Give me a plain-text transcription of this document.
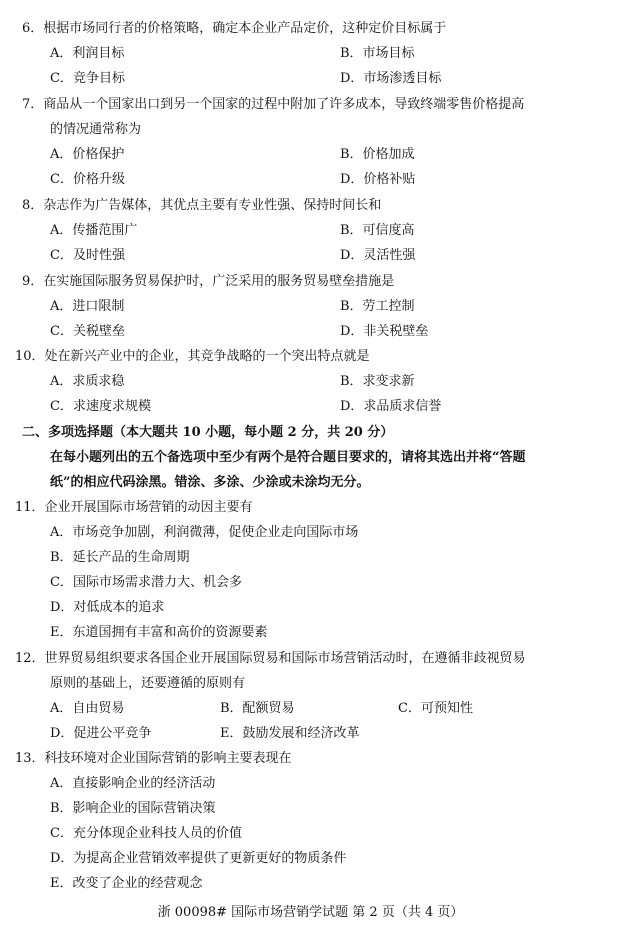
6．根据市场同行者的价格策略，确定本企业产品定价，这种定价目标属于
A．利润目标	B．市场目标
C．竞争目标	D．市场渗透目标
7．商品从一个国家出口到另一个国家的过程中附加了许多成本，导致终端零售价格提高
的情况通常称为
A．价格保护	B．价格加成
C．价格升级	D．价格补贴
8．杂志作为广告媒体，其优点主要有专业性强、保持时间长和
A．传播范围广	B．可信度高
C．及时性强	D．灵活性强
9．在实施国际服务贸易保护时，广泛采用的服务贸易壁垒措施是
A．进口限制	B．劳工控制
C．关税壁垒	D．非关税壁垒
10．处在新兴产业中的企业，其竞争战略的一个突出特点就是
A．求质求稳	B．求变求新
C．求速度求规模	D．求品质求信誉
二、多项选择题（本大题共 10 小题，每小题 2 分，共 20 分）
在每小题列出的五个备选项中至少有两个是符合题目要求的，请将其选出并将“答题
纸”的相应代码涂黑。错涂、多涂、少涂或未涂均无分。
11．企业开展国际市场营销的动因主要有
A．市场竞争加剧，利润微薄，促使企业走向国际市场
B．延长产品的生命周期
C．国际市场需求潜力大、机会多
D．对低成本的追求
E．东道国拥有丰富和高价的资源要素
12．世界贸易组织要求各国企业开展国际贸易和国际市场营销活动时，在遵循非歧视贸易
原则的基础上，还要遵循的原则有
A．自由贸易	B．配额贸易	C．可预知性
D．促进公平竞争	E．鼓励发展和经济改革
13．科技环境对企业国际营销的影响主要表现在
A．直接影响企业的经济活动
B．影响企业的国际营销决策
C．充分体现企业科技人员的价值
D．为提高企业营销效率提供了更新更好的物质条件
E．改变了企业的经营观念
浙 00098# 国际市场营销学试题 第 2 页（共 4 页）
